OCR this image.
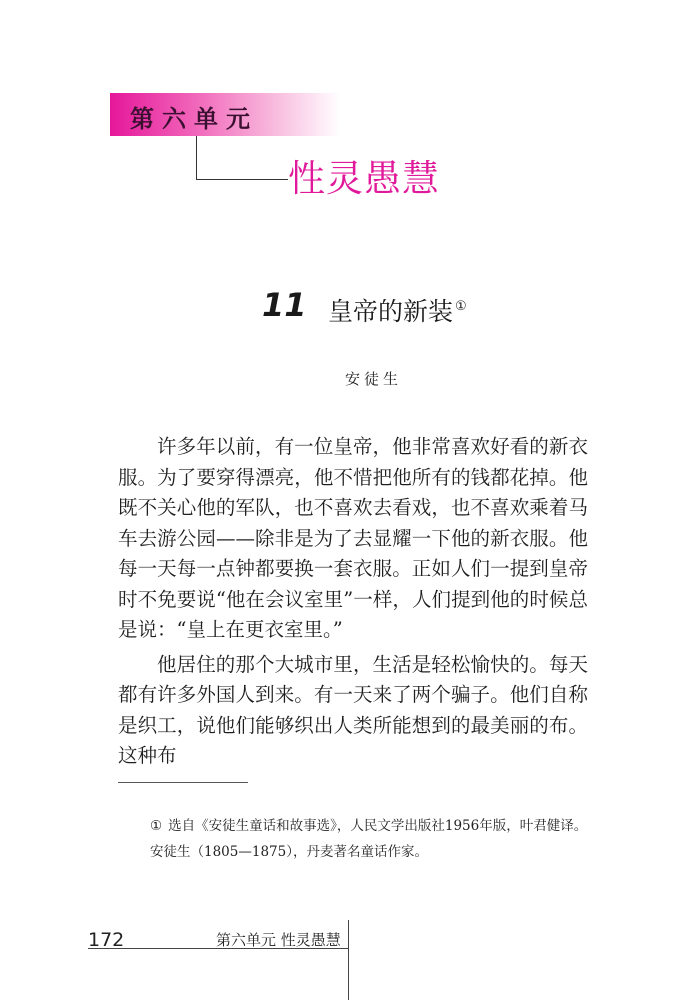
第六单元
性灵愚慧
11 皇帝的新装 ①
安徒生

许多年以前，有一位皇帝，他非常喜欢好看的新衣服。为了要穿得漂亮，他不惜把他所有的钱都花掉。他既不关心他的军队，也不喜欢去看戏，也不喜欢乘着马车去游公园——除非是为了去显耀一下他的新衣服。他每一天每一点钟都要换一套衣服。正如人们一提到皇帝时不免要说“他在会议室里”一样，人们提到他的时候总是说：“皇上在更衣室里。”

他居住的那个大城市里，生活是轻松愉快的。每天都有许多外国人到来。有一天来了两个骗子。他们自称是织工，说他们能够织出人类所能想到的最美丽的布。这种布

① 选自《安徒生童话和故事选》，人民文学出版社1956年版，叶君健译。安徒生（1805—1875），丹麦著名童话作家。
172	第六单元 性灵愚慧
